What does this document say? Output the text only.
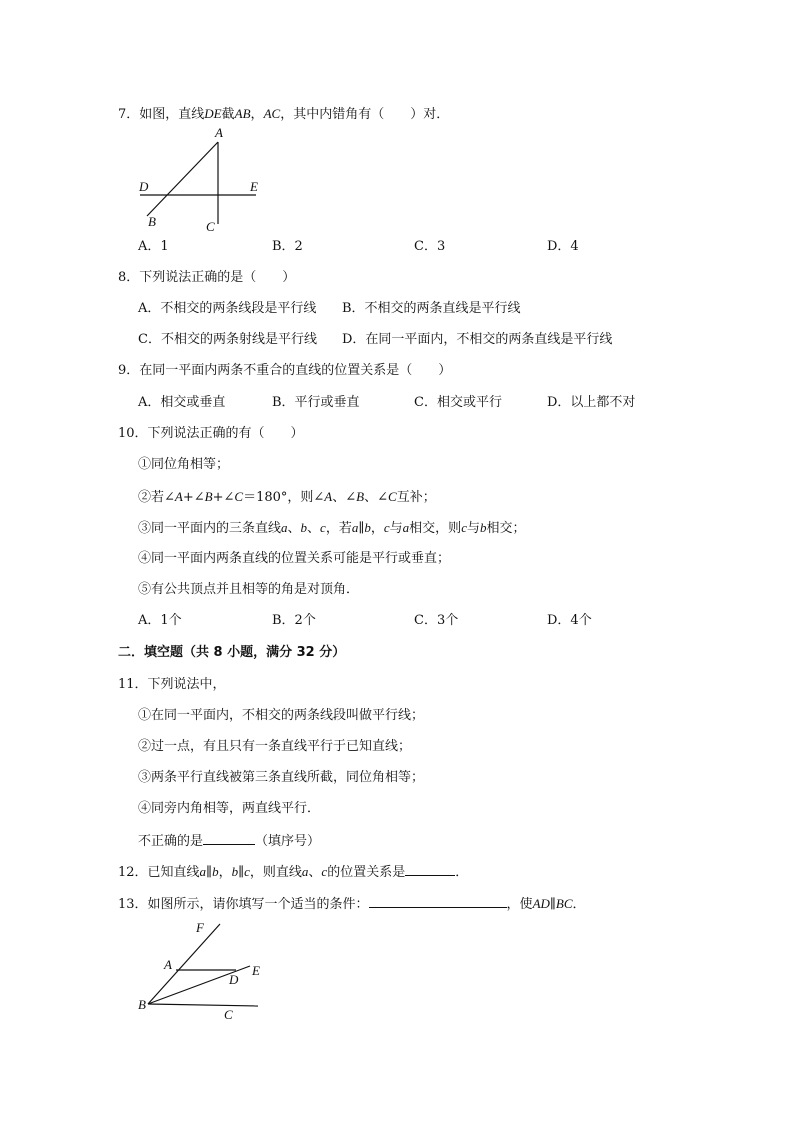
7．如图，直线DE截AB，AC，其中内错角有（　　）对．
A
D	E
B	C
A．1	B．2	C．3	D．4
8．下列说法正确的是（　　）
A．不相交的两条线段是平行线 B．不相交的两条直线是平行线
C．不相交的两条射线是平行线 D．在同一平面内，不相交的两条直线是平行线
9．在同一平面内两条不重合的直线的位置关系是（　　）
A．相交或垂直	B．平行或垂直	C．相交或平行	D．以上都不对
10．下列说法正确的有（　　）
①同位角相等；
②若∠A+∠B+∠C＝180°，则∠A、∠B、∠C互补；
③同一平面内的三条直线a、b、c，若a∥b，c与a相交，则c与b相交；
④同一平面内两条直线的位置关系可能是平行或垂直；
⑤有公共顶点并且相等的角是对顶角．
A．1个	B．2个	C．3个	D．4个
二．填空题（共 8 小题，满分 32 分）
11．下列说法中，
①在同一平面内，不相交的两条线段叫做平行线；
②过一点，有且只有一条直线平行于已知直线；
③两条平行直线被第三条直线所截，同位角相等；
④同旁内角相等，两直线平行．
不正确的是	（填序号）
12．已知直线a∥b，b∥c，则直线a、c的位置关系是	．
13．如图所示，请你填写一个适当的条件：	，使AD∥BC．
F
A	E
D
B
C
